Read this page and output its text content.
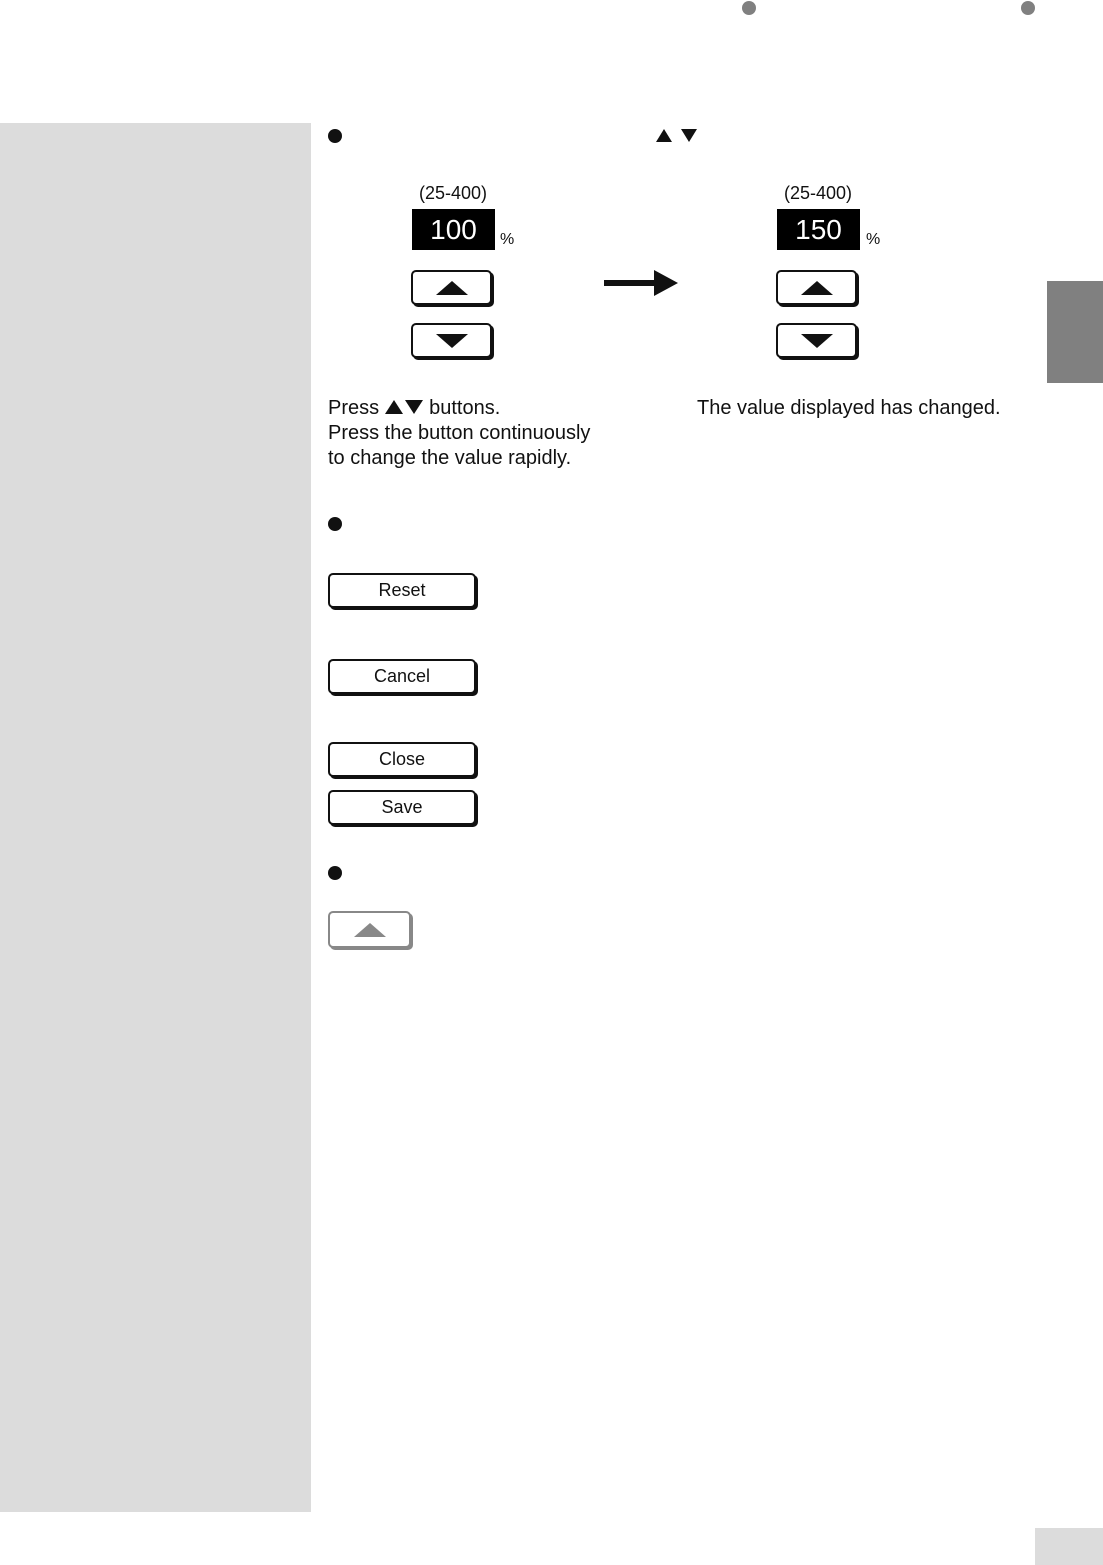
(25-400)
100	%
(25-400)
150	%
Press	buttons.
Press the button continuously
to change the value rapidly.
The value displayed has changed.
Reset
Cancel
Close
Save
